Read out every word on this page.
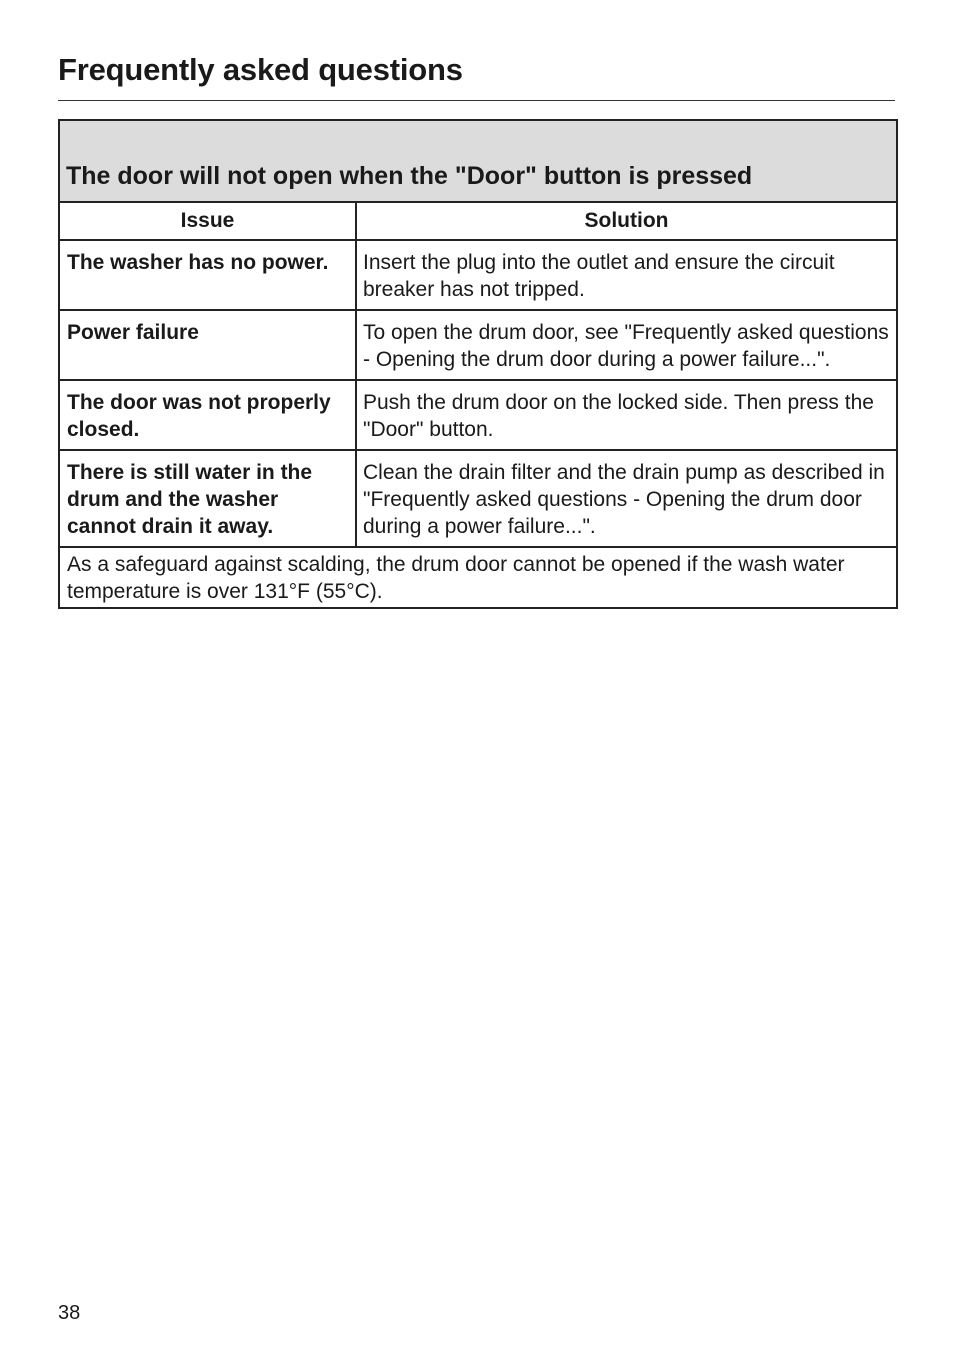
Frequently asked questions
The door will not open when the "Door" button is pressed	

Issue	Solution
The washer has no power.	Insert the plug into the outlet and ensure the circuit breaker has not tripped.
Power failure	To open the drum door, see "Frequently asked questions - Opening the drum door during a power failure...".
The door was not properly closed.	Push the drum door on the locked side. Then press the "Door" button.
There is still water in the drum and the washer cannot drain it away.	Clean the drain filter and the drain pump as described in "Frequently asked questions - Opening the drum door during a power failure...".
As a safeguard against scalding, the drum door cannot be opened if the wash water temperature is over 131°F (55°C).	
38
